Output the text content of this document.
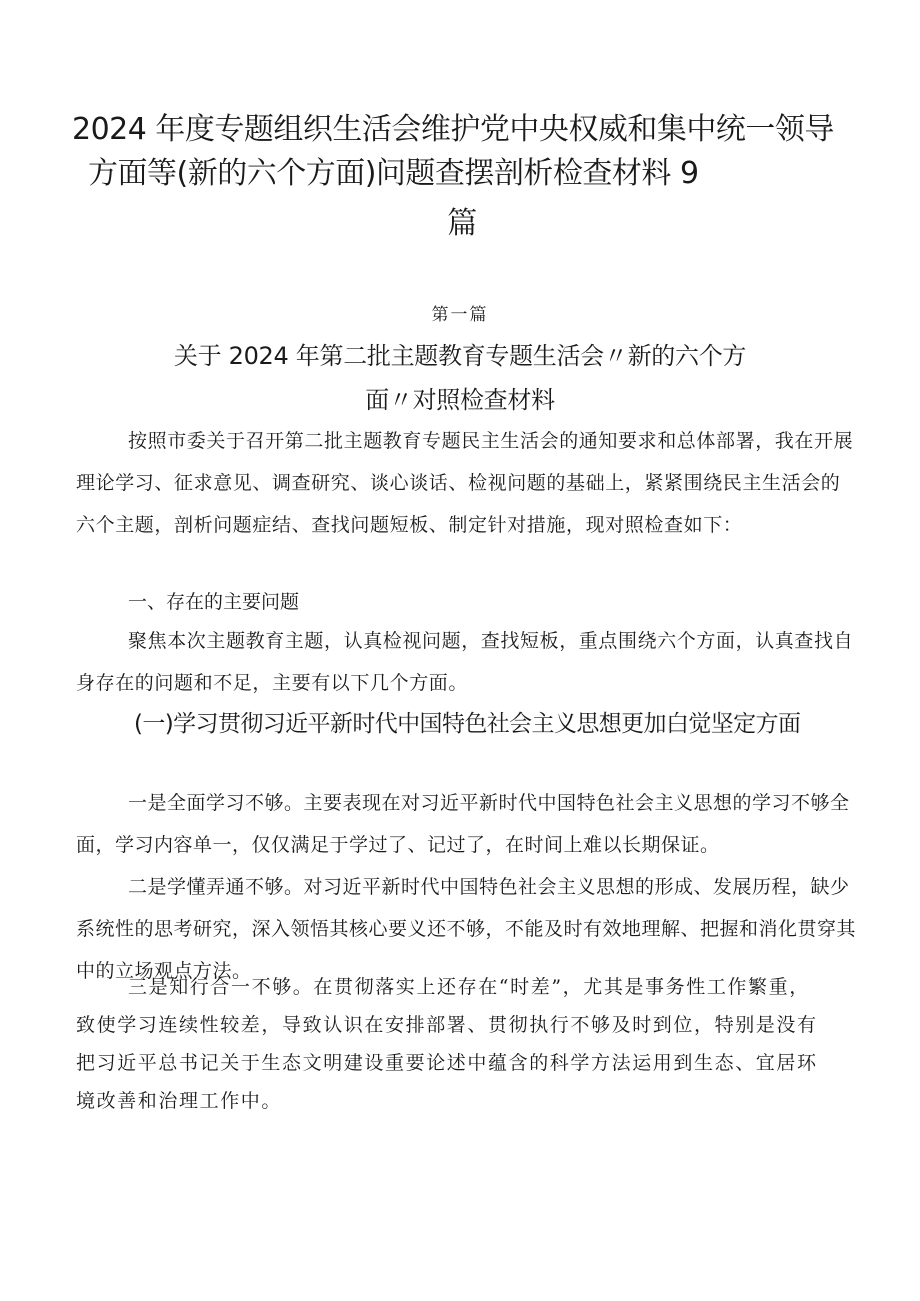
2024 年度专题组织生活会维护党中央权威和集中统一领导
方面等(新的六个方面)问题查摆剖析检查材料 9
篇
第一篇
关于 2024 年第二批主题教育专题生活会〃新的六个方
面〃对照检查材料

按照市委关于召开第二批主题教育专题民主生活会的通知要求和总体部署，我在开展理论学习、征求意见、调查研究、谈心谈话、检视问题的基础上，紧紧围绕民主生活会的六个主题，剖析问题症结、查找问题短板、制定针对措施，现对照检查如下：

一、存在的主要问题

聚焦本次主题教育主题，认真检视问题，查找短板，重点围绕六个方面，认真查找自身存在的问题和不足，主要有以下几个方面。

(一)学习贯彻习近平新时代中国特色社会主义思想更加白觉坚定方面

一是全面学习不够。主要表现在对习近平新时代中国特色社会主义思想的学习不够全面，学习内容单一，仅仅满足于学过了、记过了，在时间上难以长期保证。

二是学懂弄通不够。对习近平新时代中国特色社会主义思想的形成、发展历程，缺少系统性的思考研究，深入领悟其核心要义还不够，不能及时有效地理解、把握和消化贯穿其中的立场观点方法。

三是知行合一不够。在贯彻落实上还存在“时差”，尤其是事务性工作繁重，致使学习连续性较差，导致认识在安排部署、贯彻执行不够及时到位，特别是没有把习近平总书记关于生态文明建设重要论述中蕴含的科学方法运用到生态、宜居环境改善和治理工作中。
